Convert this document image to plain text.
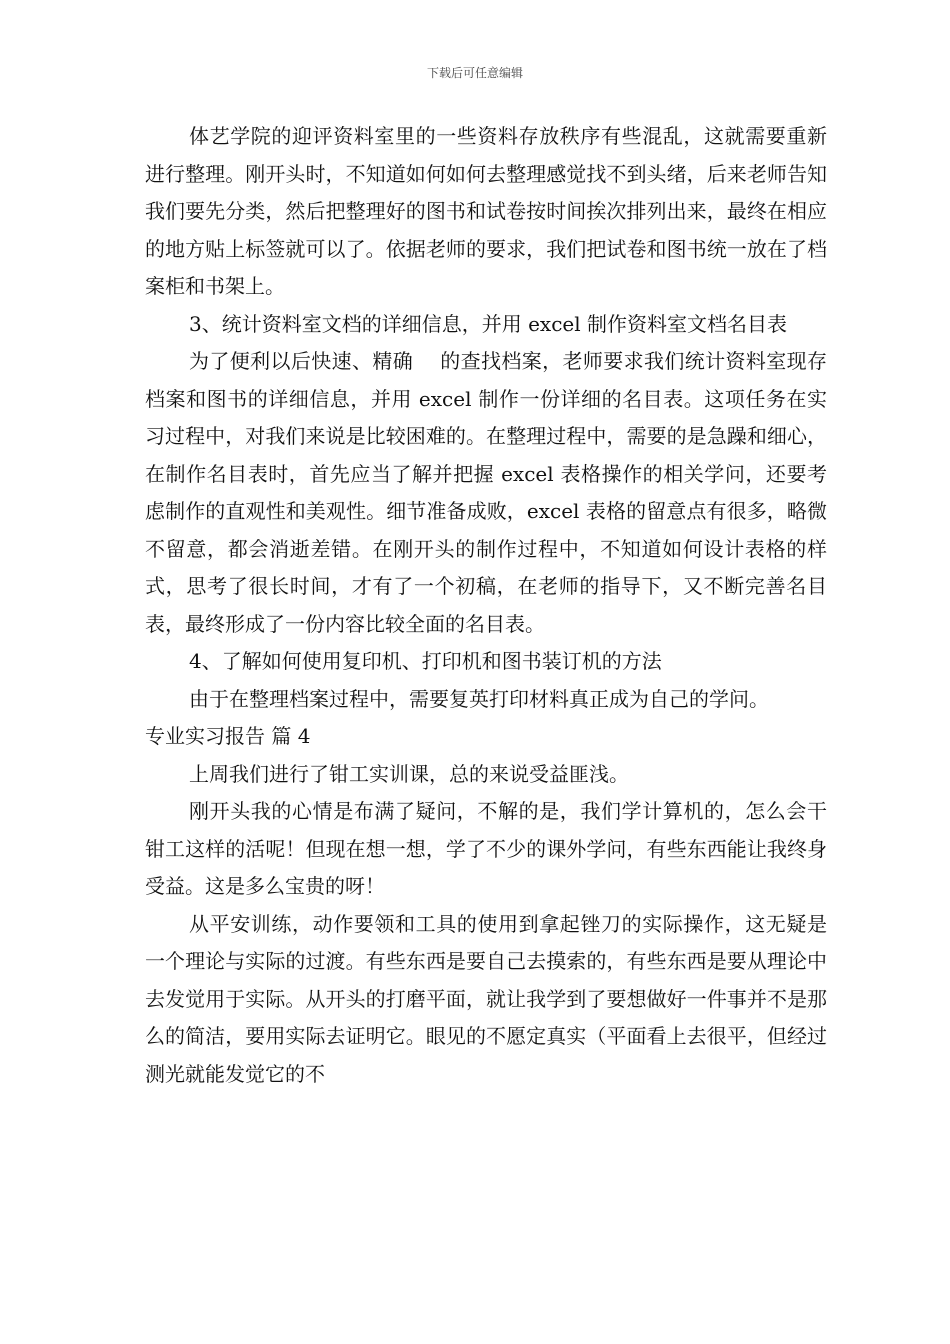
下载后可任意编辑

体艺学院的迎评资料室里的一些资料存放秩序有些混乱，这就需要重新进行整理。刚开头时，不知道如何如何去整理感觉找不到头绪，后来老师告知我们要先分类，然后把整理好的图书和试卷按时间挨次排列出来，最终在相应的地方贴上标签就可以了。依据老师的要求，我们把试卷和图书统一放在了档案柜和书架上。

3、统计资料室文档的详细信息，并用 excel 制作资料室文档名目表

为了便利以后快速、精确　 的查找档案，老师要求我们统计资料室现存档案和图书的详细信息，并用 excel 制作一份详细的名目表。这项任务在实习过程中，对我们来说是比较困难的。在整理过程中，需要的是急躁和细心，在制作名目表时，首先应当了解并把握 excel 表格操作的相关学问，还要考虑制作的直观性和美观性。细节准备成败，excel 表格的留意点有很多，略微不留意，都会消逝差错。在刚开头的制作过程中，不知道如何设计表格的样式，思考了很长时间，才有了一个初稿，在老师的指导下，又不断完善名目表，最终形成了一份内容比较全面的名目表。

4、了解如何使用复印机、打印机和图书装订机的方法

由于在整理档案过程中，需要复英打印材料真正成为自己的学问。

专业实习报告 篇 4

上周我们进行了钳工实训课，总的来说受益匪浅。

刚开头我的心情是布满了疑问，不解的是，我们学计算机的，怎么会干钳工这样的活呢！但现在想一想，学了不少的课外学问，有些东西能让我终身受益。这是多么宝贵的呀！

从平安训练，动作要领和工具的使用到拿起锉刀的实际操作，这无疑是一个理论与实际的过渡。有些东西是要自己去摸索的，有些东西是要从理论中去发觉用于实际。从开头的打磨平面，就让我学到了要想做好一件事并不是那么的简洁，要用实际去证明它。眼见的不愿定真实（平面看上去很平，但经过测光就能发觉它的不
